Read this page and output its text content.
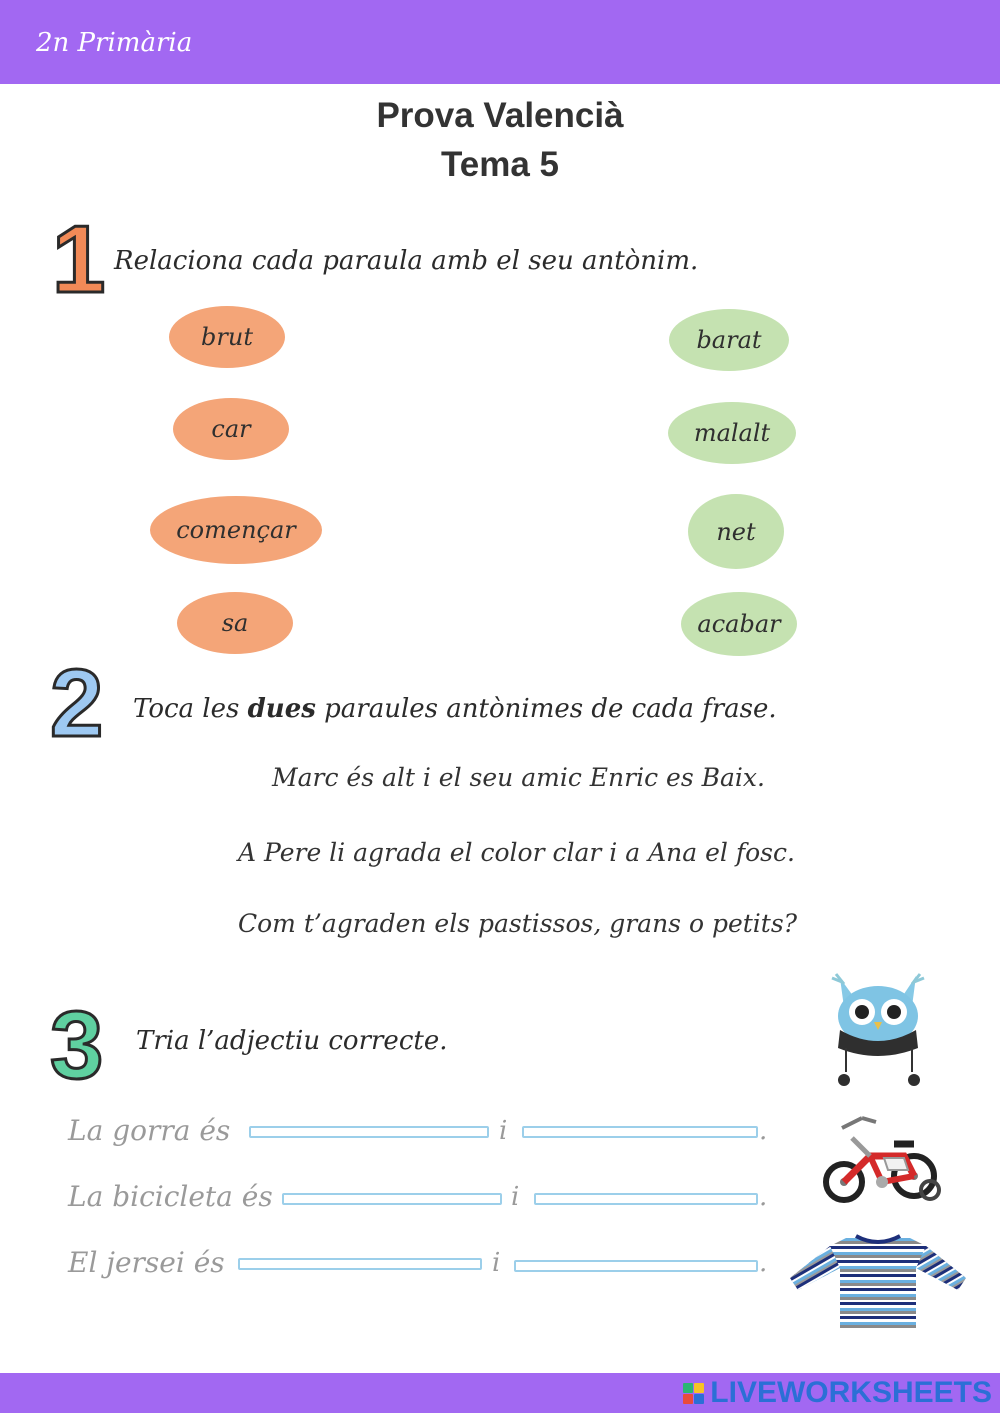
2n Primària
Prova Valencià
Tema 5
1 Relaciona cada paraula amb el seu antònim.
brut
car
començar
sa
barat
malalt
net
acabar
2 Toca les dues paraules antònimes de cada frase.
Marc és alt i el seu amic Enric es Baix.
A Pere li agrada el color clar i a Ana el fosc.
Com t’agraden els pastissos, grans o petits?
3 Tria l’adjectiu correcte.
La gorra és	i	.
La bicicleta és	i	.
El jersei és	i	.
LIVEWORKSHEETS
